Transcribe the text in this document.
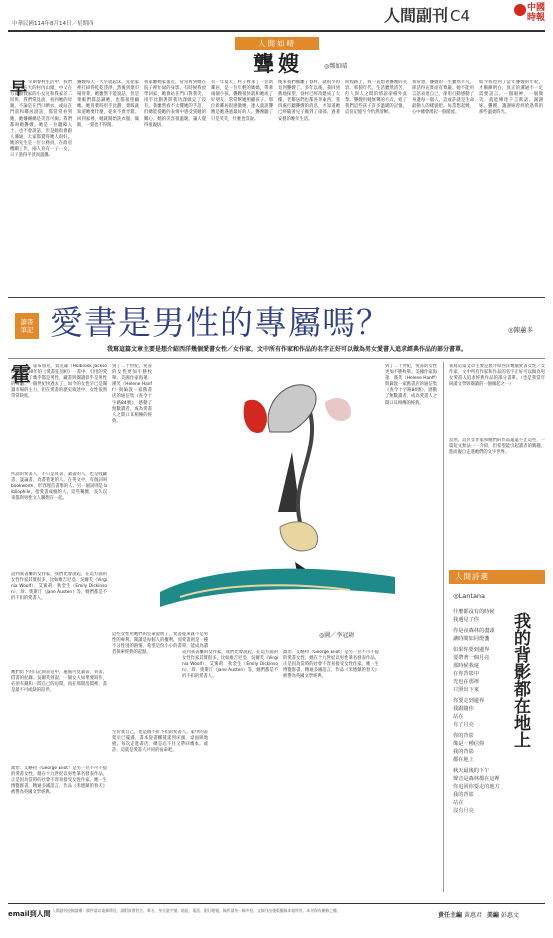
中華民國114年8月14日／星期四	人間副刊 C4	中國時報
人間如晴
聾嫂	◎鄭如晴
早 早期眷村生活中，我們一家住在大的村內山頭，中又在方高教授家的小女兒和我家差二同班，我們常見面，看到她的母親，不論是在門口晒衣，或站在門前和鄰居說話，都常常看到她，她嬸嬸總是笑容可掬。我們都叫她聾嫂。她是一位聽障人士，也不會說話，但是她很會跟人溝通，大家都覺得她人很好。她的先生是一位公務員，在政府機關工作，兩人育有一子一女，日子過得平淡而溫馨。
聾嫂每天一大早就起床，先把家裡打掃得乾乾淨淨，然後到菜市場買菜。她雖然不能說話，但是菜販們都認識她，也都很照顧她。她買菜時用手比劃，菜販就知道她要什麼，從來不會弄錯。回到家裡，她就開始洗衣服、做飯，一刻也不得閒。
我家離她家很近，常常看到她在院子裡忙碌的身影。有時候我放學回家，她會站在門口對我笑，用手比劃著問我功課做完了沒有。我雖然看不太懂她的手語，但總能從她的表情中感受到她的關心。她的笑容很溫暖，讓人覺得很親切。
有一年夏天，村子裡來了一位新鄰居，是一位年輕的媽媽，帶著兩個小孩。聾嫂很快就和她成了好朋友，常常幫她照顧孩子。那位新鄰居很感激她，逢人就說聾嫂是她遇過最好的人。聾嫂聽了只是笑笑，什麼也沒說。
後來我們搬離了眷村，就很少再見到聾嫂了。多年以後，我回到舊地探望，眷村已經改建成了大樓，老鄰居們也都各奔東西。我四處打聽聾嫂的消息，才知道她已經隨著兒子搬到了南部，過著安穩的晚年生活。
回程路上，我一直想著聾嫂的笑容。那個年代，生活雖然清苦，但人與人之間的情誼卻格外真摯。聾嫂用她無聲的方式，給了我們這些孩子許多溫暖的記憶，這份記憶至今仍然清晰。
我常想，聾嫂的一生雖然平凡，卻活得充實而有尊嚴。她不能用言語表達自己，卻用行動感動了身邊每一個人。這或許就是生命最動人的樣貌吧。每當想起她，心中總會湧起一股暖流。
如今我也到了當年聾嫂的年紀，才漸漸明白，真正的溝通不一定需要語言。一個眼神、一個微笑，就能傳達千言萬語。謝謝妳，聾嫂，謝謝妳曾經給過我的那些溫柔時光。
讀書筆記 愛書是男性的專屬嗎？	◎陳蕙多
我寫這篇文章主要是想介紹西洋幾個愛書女性／女作家，文中所有作家和作品的名字正好可以做為男女愛書人追求經典作品的部分書單。
霍 霍布魯克．賈克森（Holbrook Jackson）在1930年的《愛書狂剖析》一書中，引用的愛書狂的例子幾乎都是男性，藏書與閱讀似乎是男性的專屬。一個世紀快過去了，如今的女性早已是閱讀市場的主力，但在愛書的歷史敘述中，女性依然常常缺席。
所謂的愛書人，不只是買書、讀書的人，也是收藏書、談論書、為書著迷的人。在英文中，有個詞叫 bookworm，形容埋首書堆的人；另一個詞則是 bibliophile，指愛書成癡的人。這些稱號，長久以來都與男性文人聯想在一起。
設到我書櫃的女作家，我們比會說起，在這方面的女性作家其實很多，比如維吉尼亞．吳爾芙（Virginia Woolf）、艾蜜莉．狄金生（Emily Dickinson）、珍．奧斯汀（Jane Austen）等，她們都是不折不扣的愛書人。
她們留下的日記與書信中，處處可見讀書、買書、借書的紀錄。吳爾芙曾說，一個女人如果要寫作，必須有錢和一間自己的房間。而在那間房間裡，書是最不可或缺的陪伴。
喬治．艾略特（George Eliot）是另一位不可不提的愛書女性。她在十九世紀以男性筆名發表作品，正是因為當時的社會不容易接受女性作家。她一生博覽群書，精通多國語言，作品《米德鎮的春天》被譽為英國文學經典。
到了二十世紀，愛書的女性更加不勝枚舉。美國作家海蓮．漢芙（Helene Hanff）與倫敦一家舊書店的通信集《查令十字路84號》，感動了無數讀者，成為愛書人之間口耳相傳的經典。
這些女性用她們的生命證明了，愛書從來就不是男性的專利。閱讀是每個人的權利，而愛書則是一種不分性別的熱情。希望這份小小的書單，能成為讀者探索經典的起點。
至於我自己，也是個不折不扣的愛書人。家中的書架早已擺滿，書本從書櫃蔓延到床頭、桌面與地板。每次走進書店，總是忍不住又帶回幾本。或許，這就是愛書人共同的宿命吧。
◎圖／李冠尉
設到我書櫃的女作家，我們比會說起，在這方面的女性作家其實很多，比如維吉尼亞．吳爾芙（Virginia Woolf）、艾蜜莉．狄金生（Emily Dickinson）、珍．奧斯汀（Jane Austen）等，她們都是不折不扣的愛書人。
喬治．艾略特（George Eliot）是另一位不可不提的愛書女性。她在十九世紀以男性筆名發表作品，正是因為當時的社會不容易接受女性作家。她一生博覽群書，精通多國語言，作品《米德鎮的春天》被譽為英國文學經典。
到了二十世紀，愛書的女性更加不勝枚舉。美國作家海蓮．漢芙（Helene Hanff）與倫敦一家舊書店的通信集《查令十字路84號》，感動了無數讀者，成為愛書人之間口耳相傳的經典。
我寫這篇文章主要是想介紹西洋幾個愛書女性／女作家，文中所有作家和作品的名字正好可以做為男女愛書人追求經典作品的部分書單。（也是我當年研讀文學與閱讀的一個緣起之一）
當然，這位女作家和她們的作品遠遠不止這些，一篇短文無法一一介紹，但希望能引起讀者的興趣，進而親自走進她們的文字世界。
人間詩選
◎Lantana
我的背影都在地上
什麼都沒有的時候
我遇見了你
你是夜森林的盡頭
讓時間如同燈盞
如果你要到邊界
要帶著一個月亮
那時候我還
在你背影中
光也在那裡
只照出下來
你要走到邊界
我跟隨你
站在
有了月亮
你的背影
像是一種信仰
我的背影
都在地上
秋天最後的下午
聲音是森林都在這裡
你追回你要走的地方
我的背影
站在
沒有月亮
email到人間 人間副刊投稿請備：稿件請以電郵傳送，請附真實姓名、筆名、身分證字號、地址、電話、銀行帳號。稿件請勿一稿多投，文稿刊出後版權歸本報所有。本刊保有刪修之權。
責任主編 黃惠君 美編 彭惠文
